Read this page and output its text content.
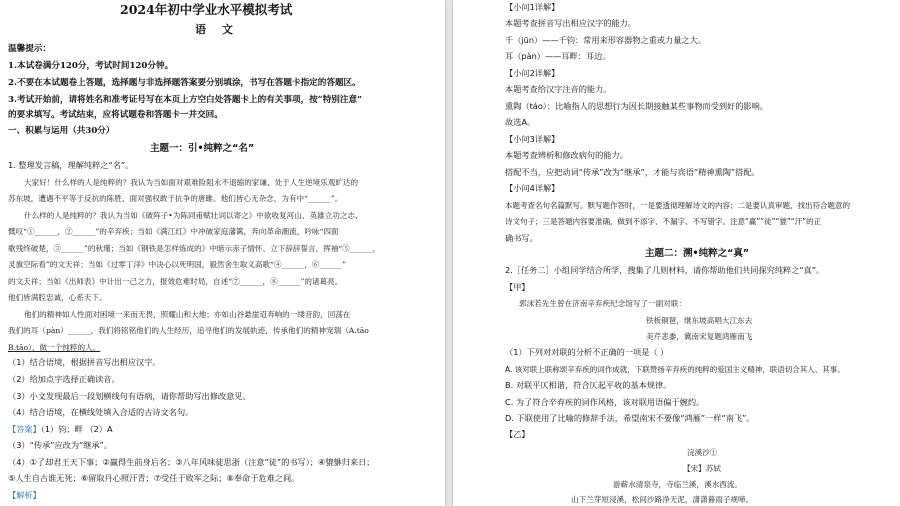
2024年初中学业水平模拟考试
语 文
温馨提示：
1.本试卷满分120分，考试时间120分钟。
2.不要在本试题卷上答题，选择题与非选择题答案要分别填涂，书写在答题卡指定的答题区。
3.考试开始前，请将姓名和准考证号写在本页上方空白处答题卡上的有关事项，按“特别注意”
的要求填写。考试结束，应将试题卷和答题卡一并交回。
一、积累与运用（共30分）
主题一：引•纯粹之“名”
1. 整理发言稿，理解纯粹之“名”。
大家好！什么样的人是纯粹的？我认为当如面对艰难险阻永不退缩的家谦、处于人生逆境乐观旷达的
苏东坡，遭遇不平等于反抗的陈胜、面对强权敢于抗争的唐雎。他们皆心无杂念，为有中“______”。
什么样的人是纯粹的？我认为当如《破阵子•为陈同甫赋壮词以寄之》中欲收复河山、英雄立功之志、
慨叹“①______，②______”的辛弃疾；当如《满江红》中冲破家庭藩篱，奔向革命潮流，吟咏“四面
歌残终破楚，③______”的秋瑾；当如《钢铁是怎样炼成的》中暗示赤子情怀、立下辞辞誓言，挥袖“⑤______，
灵旗空际看”的文天祥；当如《过零丁洋》中决心以死明国，毅然舍生取义高歌“④______，⑥______”
的文天祥；当如《出师表》中计出一己之力，报效危难时局，自述“⑦______，⑧______”的诸葛亮。
他们皆满腔忠诚，心系天下。
他们的精神如人性面对困境一来而无畏，照耀山和大地；亦如山谷悬崖迢奔响的一缕音韵，回荡在
我们的耳（pàn）______，我们将铭铭他们的人生经历，追寻他们的发展轨迹，传承他们的精神宠瑞（A.tāo
B.tāo），做一个纯粹的人。
（1）结合语境，根据拼音写出相应汉字。
（2）给加点字选择正确读音。
（3）小文发现最后一段划横线句有语病，请你帮助写出修改意见。
（4）结合语境，在横线处填入合适的古诗文名句。
【答案】（1）钧；畔 （2）A
（3）“传承”应改为“继承”。
（4）①了却君王天下事；②赢得生前身后名；③八年风味徒思浙（注意“徒”的书写）；④貔貅归来日；
⑤人生自古谁无死；⑥留取丹心照汗青；⑦受任于败军之际；⑧奉命于危难之间。
【解析】
【小问1详解】
本题考查拼音写出相应汉字的能力。
千（jūn）——千钧：常用来形容器物之重或力量之大。
耳（pàn）——耳畔：耳边。
【小问2详解】
本题考查给汉字注音的能力。
熏陶（táo）：比喻指人的思想行为因长期接触某些事物而受到好的影响。
故选A。
【小问3详解】
本题考查辨析和修改病句的能力。
搭配不当，应把动词“传承”改为“继承”，才能与宾语“精神熏陶”搭配。
【小问4详解】
本题考查名句名篇默写。默写题作答时，一是要透彻理解诗文的内容；二是要认真审题，找出符合题意的
诗文句子；三是答题内容要准确，做到不添字、不漏字、不写错字。注意“赢”“徒”“貔”“汗”的正
确书写。
主题二：溯•纯粹之“真”
2.［任务二］小组同学结合所学，搜集了几则材料，请你帮助他们共同探究纯粹之“真”。
【甲】
郭沫若先生曾在济南辛弃疾纪念馆写了一副对联：
铁板铜琶，继东坡高唱大江东去
美芹悲黍，冀南宋复题鸿雁南飞
（1）下列对对联的分析不正确的一项是（ ）
A. 该对联上联称颂辛弃疾的词作成就，下联赞扬辛弃疾的纯粹的爱国主义精神，联语切合其人、其事。
B. 对联平仄相谐，符合仄起平收的基本规律。
C. 为了符合辛弃疾的词作风格，该对联用语偏于婉约。
D. 下联使用了比喻的修辞手法，希望南宋不要像“鸿雁”一样“南飞”。
【乙】
浣溪沙①
【宋】苏轼
游蕲水清泉寺，寺临兰溪，溪水西流。
山下兰芽短浸溪，松间沙路净无泥，潇潇暮雨子规啼。
